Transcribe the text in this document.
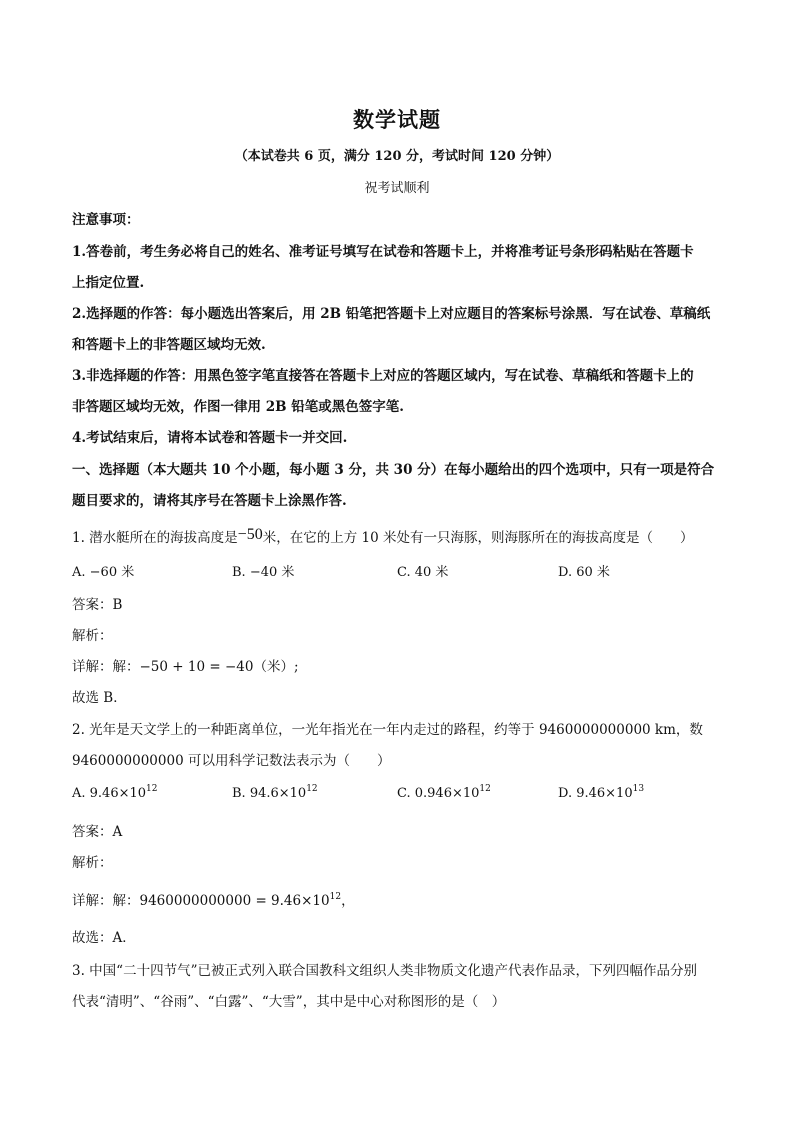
数学试题
（本试卷共 6 页，满分 120 分，考试时间 120 分钟）
祝考试顺利
注意事项：
1.答卷前，考生务必将自己的姓名、准考证号填写在试卷和答题卡上，并将准考证号条形码粘贴在答题卡
上指定位置.
2.选择题的作答：每小题选出答案后，用 2B 铅笔把答题卡上对应题目的答案标号涂黑．写在试卷、草稿纸
和答题卡上的非答题区域均无效.
3.非选择题的作答：用黑色签字笔直接答在答题卡上对应的答题区域内，写在试卷、草稿纸和答题卡上的
非答题区域均无效，作图一律用 2B 铅笔或黑色签字笔.
4.考试结束后，请将本试卷和答题卡一并交回.
一、选择题（本大题共 10 个小题，每小题 3 分，共 30 分）在每小题给出的四个选项中，只有一项是符合
题目要求的，请将其序号在答题卡上涂黑作答.
1. 潜水艇所在的海拔高度是−50米，在它的上方 10 米处有一只海豚，则海豚所在的海拔高度是（　　）
A. −60 米	B. −40 米	C. 40 米	D. 60 米
答案：B
解析：
详解：解：−50 + 10 = −40（米）;
故选 B．
2. 光年是天文学上的一种距离单位，一光年指光在一年内走过的路程，约等于 9460000000000 km，数
9460000000000 可以用科学记数法表示为（　　）
A. $9.46\times 10^{12}$	B. $94.6\times 10^{12}$	C. $0.946\times 10^{12}$	D. $9.46\times 10^{13}$
答案：A
解析：
详解：解：$9460000000000 = 9.46\times 10^{12}$，
故选：A．
3. 中国“二十四节气”已被正式列入联合国教科文组织人类非物质文化遗产代表作品录，下列四幅作品分别
代表“清明”、“谷雨”、“白露”、“大雪”，其中是中心对称图形的是（　）
